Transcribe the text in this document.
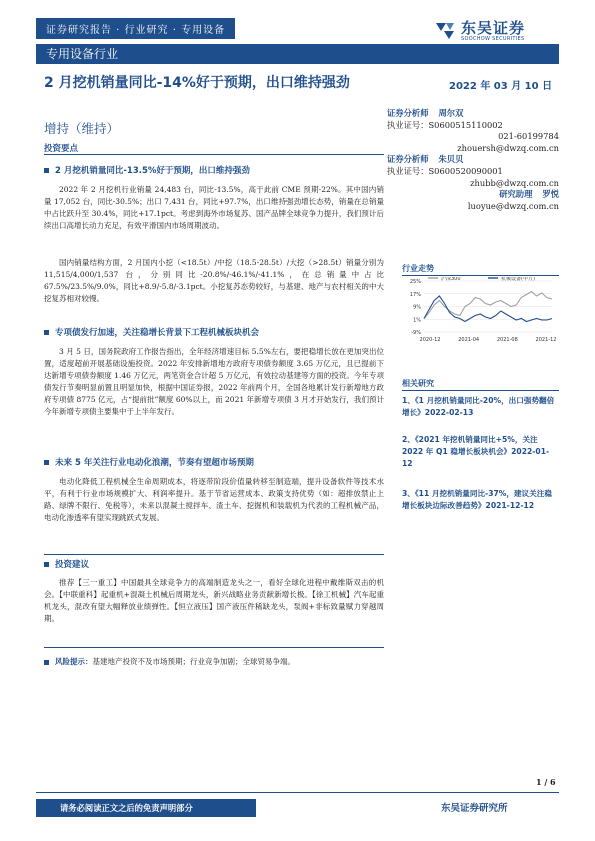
证券研究报告 · 行业研究 · 专用设备	东吴证券
SOOCHOW SECURITIES
专用设备行业
2 月挖机销量同比-14%好于预期，出口维持强劲
增持（维持）
2022 年 03 月 10 日
证券分析师 周尔双
执业证号：S0600515110002
021-60199784
zhouersh@dwzq.com.cn
证券分析师 朱贝贝
执业证号：S0600520090001
zhubb@dwzq.com.cn
研究助理 罗悦
luoyue@dwzq.com.cn
投资要点
2 月挖机销量同比-13.5%好于预期，出口维持强劲
2022 年 2 月挖机行业销量 24,483 台，同比-13.5%，高于此前 CME 预期-22%。其中国内销量 17,052 台，同比-30.5%；出口 7,431 台，同比+97.7%，出口维持强劲增长态势，销量在总销量中占比跃升至 30.4%，同比+17.1pct。考虑到海外市场复苏、国产品牌全球竞争力提升，我们预计后续出口高增长动力充足，有效平滑国内市场周期波动。
国内销量结构方面，2 月国内小挖（<18.5t）/中挖（18.5-28.5t）/大挖（>28.5t）销量分别为 11,515/4,000/1,537 台，分别同比-20.8%/-46.1%/-41.1%，在总销量中占比 67.5%/23.5%/9.0%，同比+8.9/-5.8/-3.1pct。小挖复苏态势较好，与基建、地产与农村相关的中大挖复苏相对较慢。
专项债发行加速，关注稳增长背景下工程机械板块机会
3 月 5 日，国务院政府工作报告指出，全年经济增速目标 5.5%左右，要把稳增长放在更加突出位置，适度超前开展基础设施投资。2022 年安排新增地方政府专项债券额度 3.65 万亿元，且已提前下达新增专项债券额度 1.46 万亿元，两笔资金合计超 5 万亿元，有效拉动基建等方面的投资。今年专项债发行节奏明显前置且明显加快，根据中国证券报，2022 年前两个月，全国各地累计发行新增地方政府专项债 8775 亿元，占“提前批”额度 60%以上，而 2021 年新增专项债 3 月才开始发行，我们预计今年新增专项债主要集中于上半年发行。
未来 5 年关注行业电动化浪潮，节奏有望超市场预期
电动化降低工程机械全生命周期成本，将逐带阶段价值量转移至制造端，提升设备软件等技术水平，有利于行业市场规模扩大、利润率提升。基于节省运营成本、政策支持优势（如：超排放禁止上路、绿牌不限行、免税等），未来以混凝土搅拌车、渣土车、挖掘机和装载机为代表的工程机械产品，电动化渗透率有望实现跳跃式发展。
投资建议
推荐【三一重工】中国最具全球竞争力的高端制造龙头之一，看好全球化进程中戴维斯双击的机会。【中联重科】起重机+混凝土机械后周期龙头，新兴战略业务贡献新增长极。【徐工机械】汽车起重机龙头，混改有望大幅释放业绩弹性。【恒立液压】国产液压件稀缺龙头，泵阀+非标致量赋力穿越周期。
风险提示：基建地产投资不及市场预期；行业竞争加剧；全球贸易争端。
行业走势
25%
17%
9%
1%
-9%
2020-12	2021-04	2021-08	2021-12
沪深300	机械设备(申万)
相关研究
1、《1 月挖机销量同比-20%，出口强势翻倍增长》2022-02-13
2、《2021 年挖机销量同比+5%，关注 2022 年 Q1 稳增长板块机会》2022-01-12
3、《11 月挖机销量同比-37%，建议关注稳增长板块边际改善趋势》2021-12-12
1 / 6
请务必阅读正文之后的免责声明部分	东吴证券研究所
